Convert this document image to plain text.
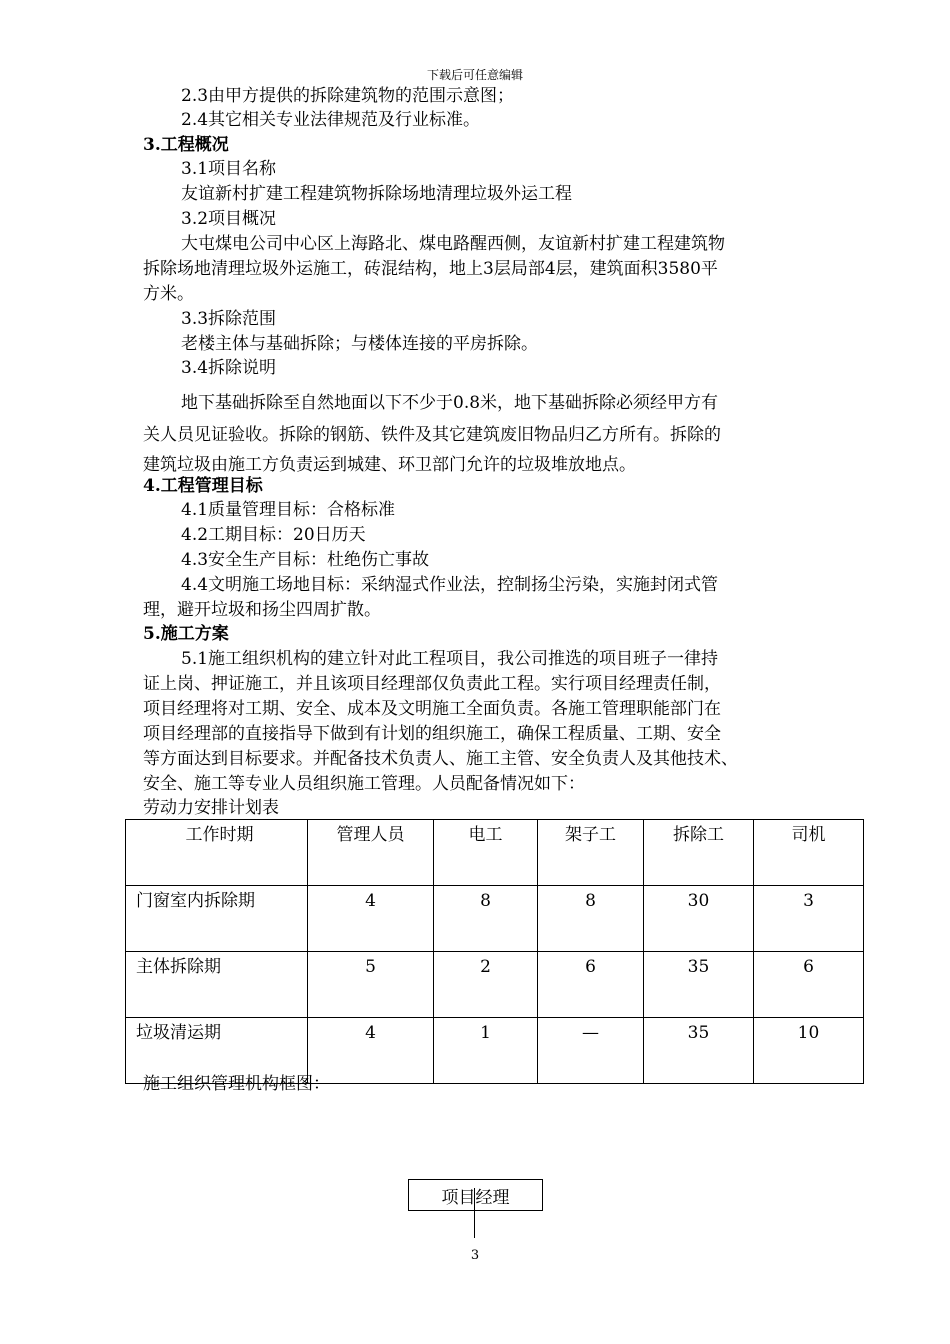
下载后可任意编辑
2.3由甲方提供的拆除建筑物的范围示意图；
2.4其它相关专业法律规范及行业标准。
3.工程概况
3.1项目名称
友谊新村扩建工程建筑物拆除场地清理垃圾外运工程
3.2项目概况
大屯煤电公司中心区上海路北、煤电路醒西侧，友谊新村扩建工程建筑物
拆除场地清理垃圾外运施工，砖混结构，地上3层局部4层，建筑面积3580平
方米。
3.3拆除范围
老楼主体与基础拆除；与楼体连接的平房拆除。
3.4拆除说明
地下基础拆除至自然地面以下不少于0.8米，地下基础拆除必须经甲方有
关人员见证验收。拆除的钢筋、铁件及其它建筑废旧物品归乙方所有。拆除的
建筑垃圾由施工方负责运到城建、环卫部门允许的垃圾堆放地点。
4.工程管理目标
4.1质量管理目标：合格标准
4.2工期目标：20日历天
4.3安全生产目标：杜绝伤亡事故
4.4文明施工场地目标：采纳湿式作业法，控制扬尘污染，实施封闭式管
理，避开垃圾和扬尘四周扩散。
5.施工方案
5.1施工组织机构的建立针对此工程项目，我公司推选的项目班子一律持
证上岗、押证施工，并且该项目经理部仅负责此工程。实行项目经理责任制，
项目经理将对工期、安全、成本及文明施工全面负责。各施工管理职能部门在
项目经理部的直接指导下做到有计划的组织施工，确保工程质量、工期、安全
等方面达到目标要求。并配备技术负责人、施工主管、安全负责人及其他技术、
安全、施工等专业人员组织施工管理。人员配备情况如下：
劳动力安排计划表
工作时期	管理人员	电工	架子工	拆除工	司机
门窗室内拆除期	4	8	8	30	3
主体拆除期	5	2	6	35	6
垃圾清运期	4	1	—	35	10
施工组织管理机构框图：
项目经理
3
